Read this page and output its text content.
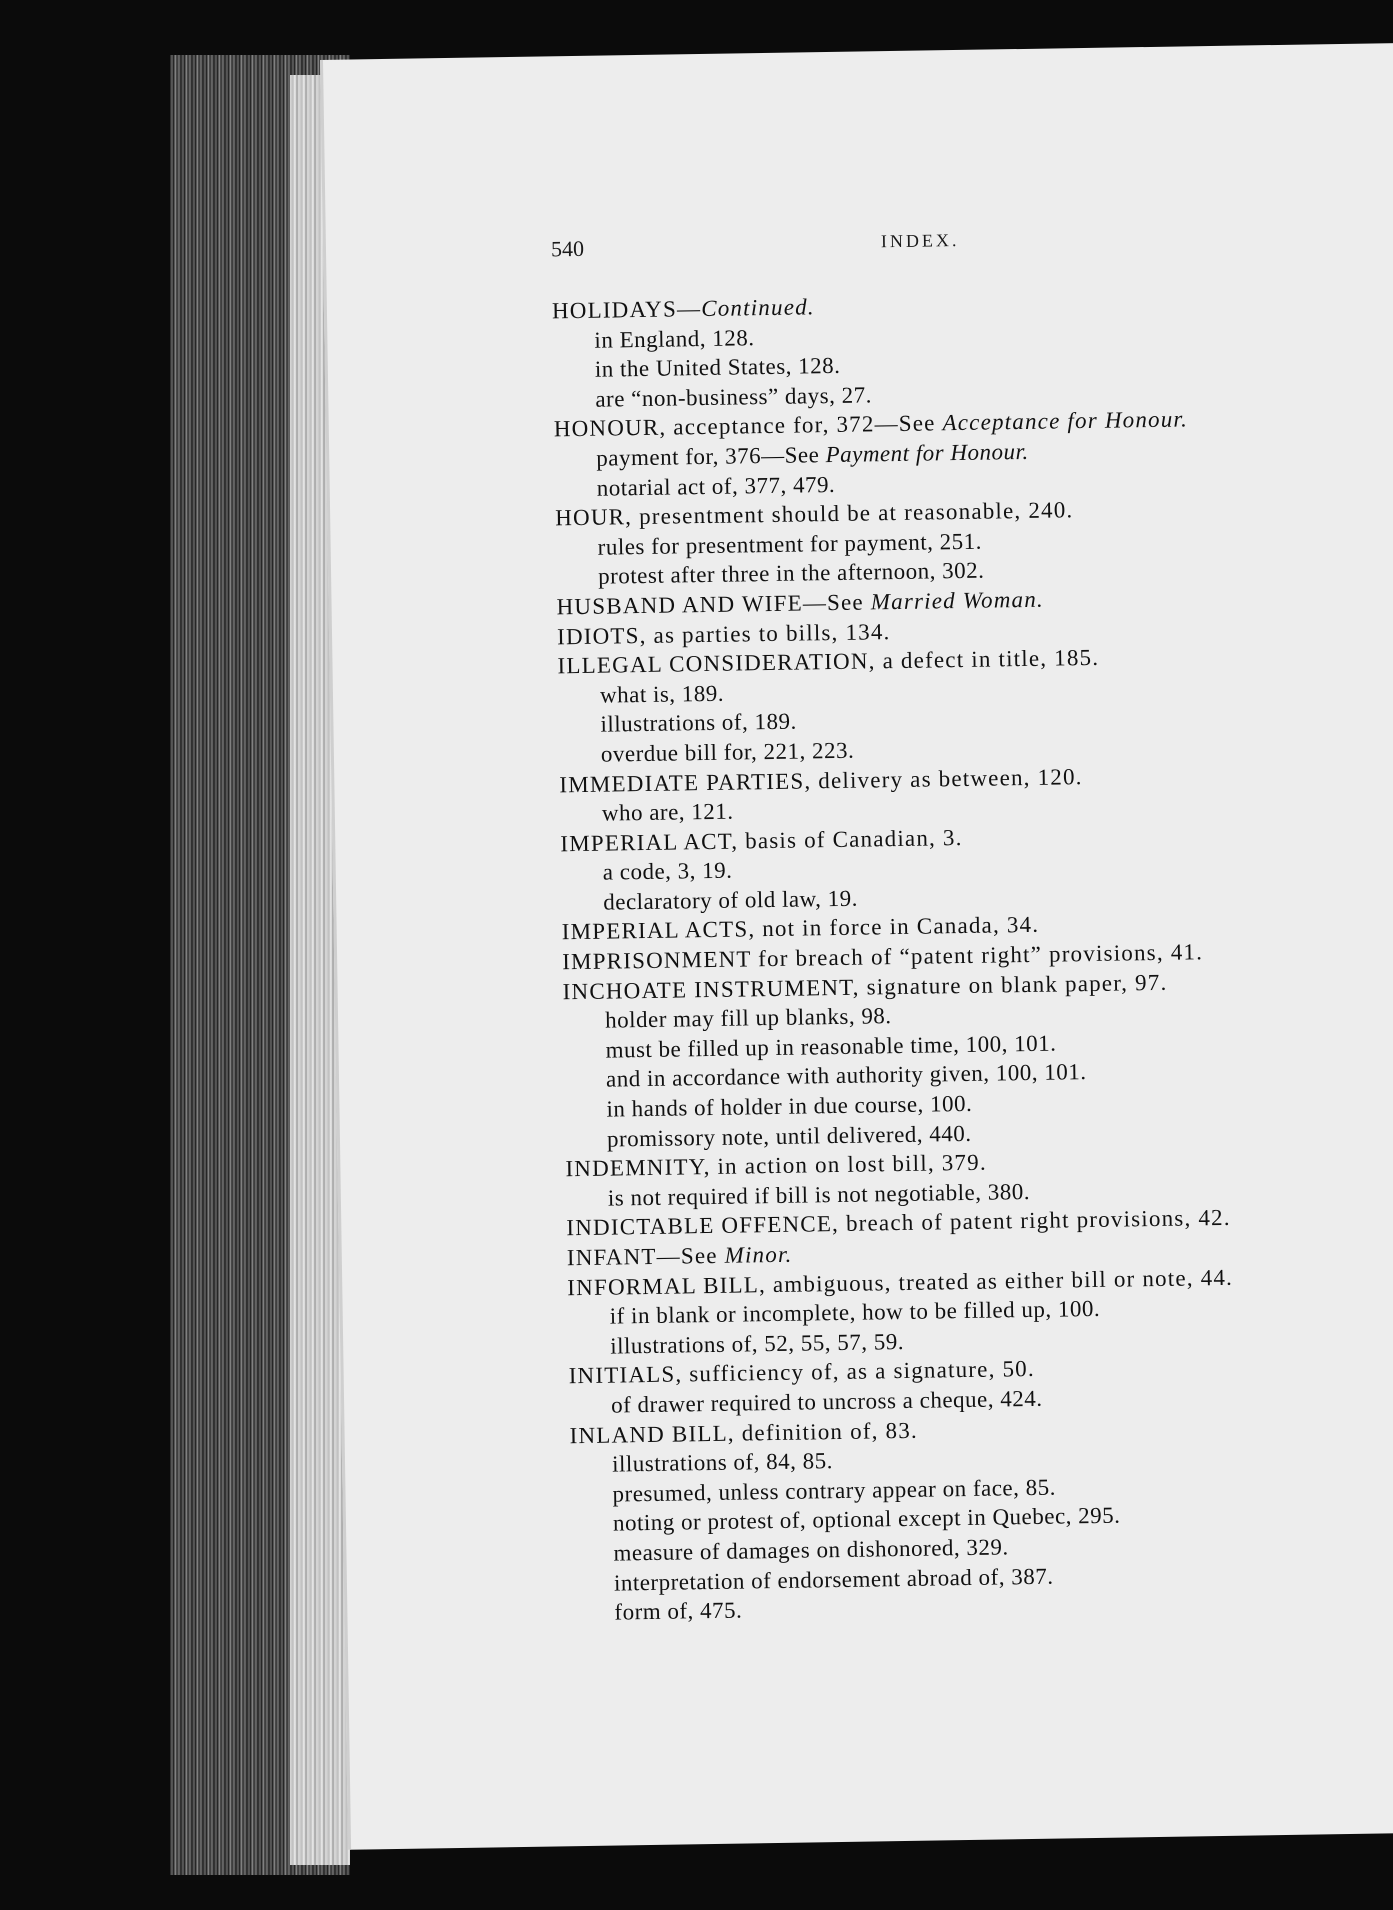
540	INDEX.
HOLIDAYS—Continued.
in England, 128.
in the United States, 128.
are “non-business” days, 27.
HONOUR, acceptance for, 372—See Acceptance for Honour.
payment for, 376—See Payment for Honour.
notarial act of, 377, 479.
HOUR, presentment should be at reasonable, 240.
rules for presentment for payment, 251.
protest after three in the afternoon, 302.
HUSBAND AND WIFE—See Married Woman.
IDIOTS, as parties to bills, 134.
ILLEGAL CONSIDERATION, a defect in title, 185.
what is, 189.
illustrations of, 189.
overdue bill for, 221, 223.
IMMEDIATE PARTIES, delivery as between, 120.
who are, 121.
IMPERIAL ACT, basis of Canadian, 3.
a code, 3, 19.
declaratory of old law, 19.
IMPERIAL ACTS, not in force in Canada, 34.
IMPRISONMENT for breach of “patent right” provisions, 41.
INCHOATE INSTRUMENT, signature on blank paper, 97.
holder may fill up blanks, 98.
must be filled up in reasonable time, 100, 101.
and in accordance with authority given, 100, 101.
in hands of holder in due course, 100.
promissory note, until delivered, 440.
INDEMNITY, in action on lost bill, 379.
is not required if bill is not negotiable, 380.
INDICTABLE OFFENCE, breach of patent right provisions, 42.
INFANT—See Minor.
INFORMAL BILL, ambiguous, treated as either bill or note, 44.
if in blank or incomplete, how to be filled up, 100.
illustrations of, 52, 55, 57, 59.
INITIALS, sufficiency of, as a signature, 50.
of drawer required to uncross a cheque, 424.
INLAND BILL, definition of, 83.
illustrations of, 84, 85.
presumed, unless contrary appear on face, 85.
noting or protest of, optional except in Quebec, 295.
measure of damages on dishonored, 329.
interpretation of endorsement abroad of, 387.
form of, 475.
